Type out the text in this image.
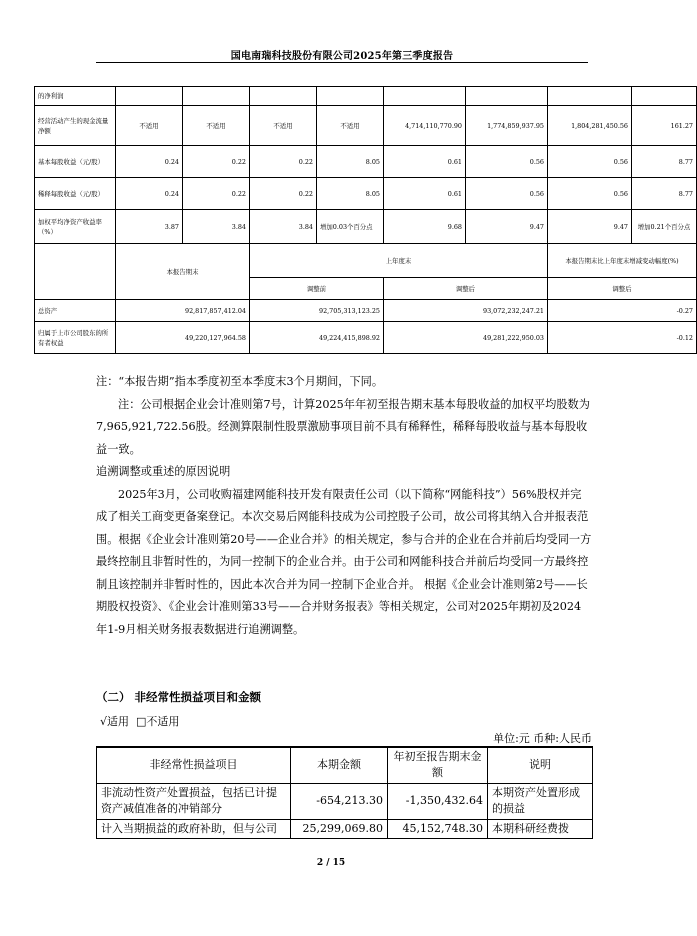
国电南瑞科技股份有限公司2025年第三季度报告
的净利润								
经营活动产生的现金流量净额	不适用	不适用	不适用	不适用	4,714,110,770.90	1,774,859,937.95	1,804,281,450.56	161.27
基本每股收益（元/股）	0.24	0.22	0.22	8.05	0.61	0.56	0.56	8.77
稀释每股收益（元/股）	0.24	0.22	0.22	8.05	0.61	0.56	0.56	8.77
加权平均净资产收益率（%）	3.87	3.84	3.84	增加0.03个百分点	9.68	9.47	9.47	增加0.21个百分点
	本报告期末		上年度末				本报告期末比上年度末增减变动幅度(%)	
			调整前		调整后		调整后	
总资产	92,817,857,412.04		92,705,313,123.25		93,072,232,247.21		-0.27	
归属于上市公司股东的所有者权益	49,220,127,964.58		49,224,415,898.92		49,281,222,950.03		-0.12	

注：“本报告期”指本季度初至本季度末3个月期间，下同。

注：公司根据企业会计准则第7号，计算2025年年初至报告期末基本每股收益的加权平均股数为7,965,921,722.56股。经测算限制性股票激励事项目前不具有稀释性，稀释每股收益与基本每股收益一致。

追溯调整或重述的原因说明

2025年3月，公司收购福建网能科技开发有限责任公司（以下简称“网能科技”）56%股权并完成了相关工商变更备案登记。本次交易后网能科技成为公司控股子公司，故公司将其纳入合并报表范围。根据《企业会计准则第20号——企业合并》的相关规定，参与合并的企业在合并前后均受同一方最终控制且非暂时性的，为同一控制下的企业合并。由于公司和网能科技合并前后均受同一方最终控制且该控制并非暂时性的，因此本次合并为同一控制下企业合并。 根据《企业会计准则第2号——长期股权投资》、《企业会计准则第33号——合并财务报表》等相关规定，公司对2025年期初及2024年1-9月相关财务报表数据进行追溯调整。

（二） 非经常性损益项目和金额
√适用 □不适用
单位:元 币种:人民币
非经常性损益项目	本期金额	年初至报告期末金额	说明
非流动性资产处置损益，包括已计提资产减值准备的冲销部分	-654,213.30	-1,350,432.64	本期资产处置形成的损益
计入当期损益的政府补助，但与公司	25,299,069.80	45,152,748.30	本期科研经费拨
2 / 15
